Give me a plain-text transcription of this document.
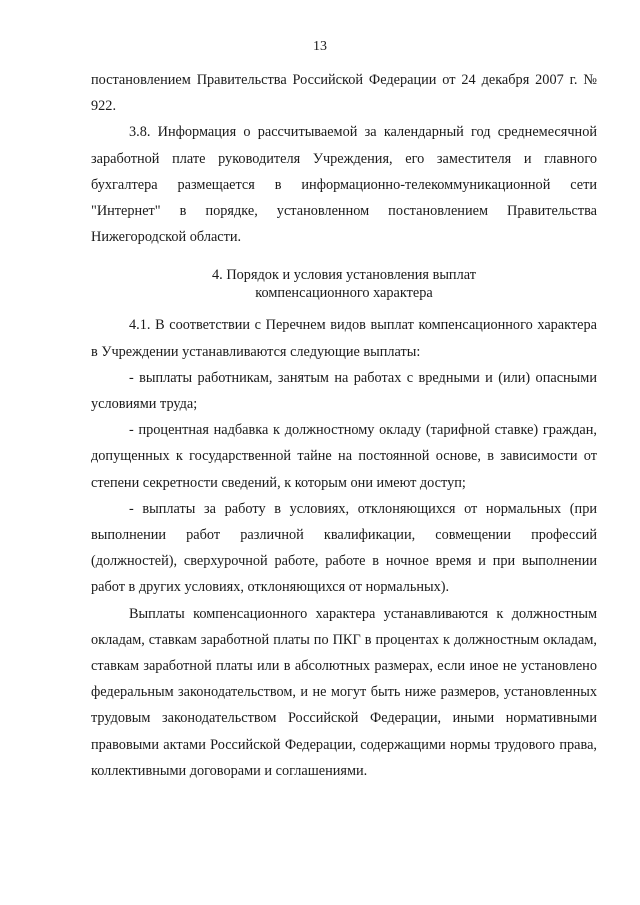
13

постановлением Правительства Российской Федерации от 24 декабря 2007 г. № 922.

3.8. Информация о рассчитываемой за календарный год среднемесячной заработной плате руководителя Учреждения, его заместителя и главного бухгалтера размещается в информационно-телекоммуникационной сети "Интернет" в порядке, установленном постановлением Правительства Нижегородской области.

4. Порядок и условия установления выплат
компенсационного характера

4.1. В соответствии с Перечнем видов выплат компенсационного характера в Учреждении устанавливаются следующие выплаты:

- выплаты работникам, занятым на работах с вредными и (или) опасными условиями труда;

- процентная надбавка к должностному окладу (тарифной ставке) граждан, допущенных к государственной тайне на постоянной основе, в зависимости от степени секретности сведений, к которым они имеют доступ;

- выплаты за работу в условиях, отклоняющихся от нормальных (при выполнении работ различной квалификации, совмещении профессий (должностей), сверхурочной работе, работе в ночное время и при выполнении работ в других условиях, отклоняющихся от нормальных).

Выплаты компенсационного характера устанавливаются к должностным окладам, ставкам заработной платы по ПКГ в процентах к должностным окладам, ставкам заработной платы или в абсолютных размерах, если иное не установлено федеральным законодательством, и не могут быть ниже размеров, установленных трудовым законодательством Российской Федерации, иными нормативными правовыми актами Российской Федерации, содержащими нормы трудового права, коллективными договорами и соглашениями.
